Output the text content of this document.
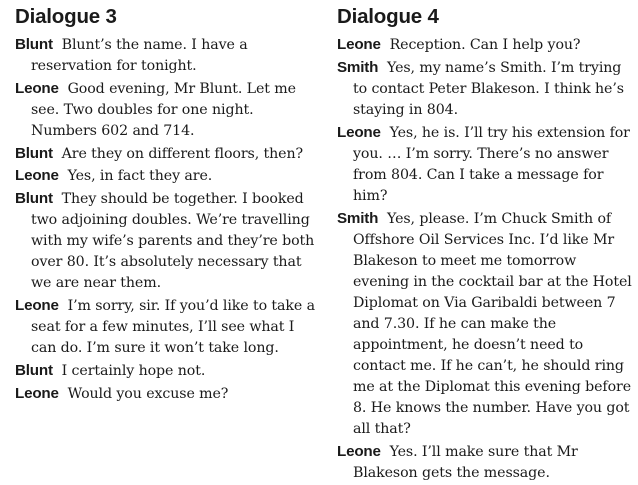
Dialogue 3

Blunt Blunt’s the name. I have a reservation for tonight.

Leone Good evening, Mr Blunt. Let me see. Two doubles for one night. Numbers 602 and 714.

Blunt Are they on different floors, then?

Leone Yes, in fact they are.

Blunt They should be together. I booked two adjoining doubles. We’re travelling with my wife’s parents and they’re both over 80. It’s absolutely necessary that we are near them.

Leone I’m sorry, sir. If you’d like to take a seat for a few minutes, I’ll see what I can do. I’m sure it won’t take long.

Blunt I certainly hope not.

Leone Would you excuse me?

Dialogue 4

Leone Reception. Can I help you?

Smith Yes, my name’s Smith. I’m trying to contact Peter Blakeson. I think he’s staying in 804.

Leone Yes, he is. I’ll try his extension for you. … I’m sorry. There’s no answer from 804. Can I take a message for him?

Smith Yes, please. I’m Chuck Smith of Offshore Oil Services Inc. I’d like Mr Blakeson to meet me tomorrow evening in the cocktail bar at the Hotel Diplomat on Via Garibaldi between 7 and 7.30. If he can make the appointment, he doesn’t need to contact me. If he can’t, he should ring me at the Diplomat this evening before 8. He knows the number. Have you got all that?

Leone Yes. I’ll make sure that Mr Blakeson gets the message.
